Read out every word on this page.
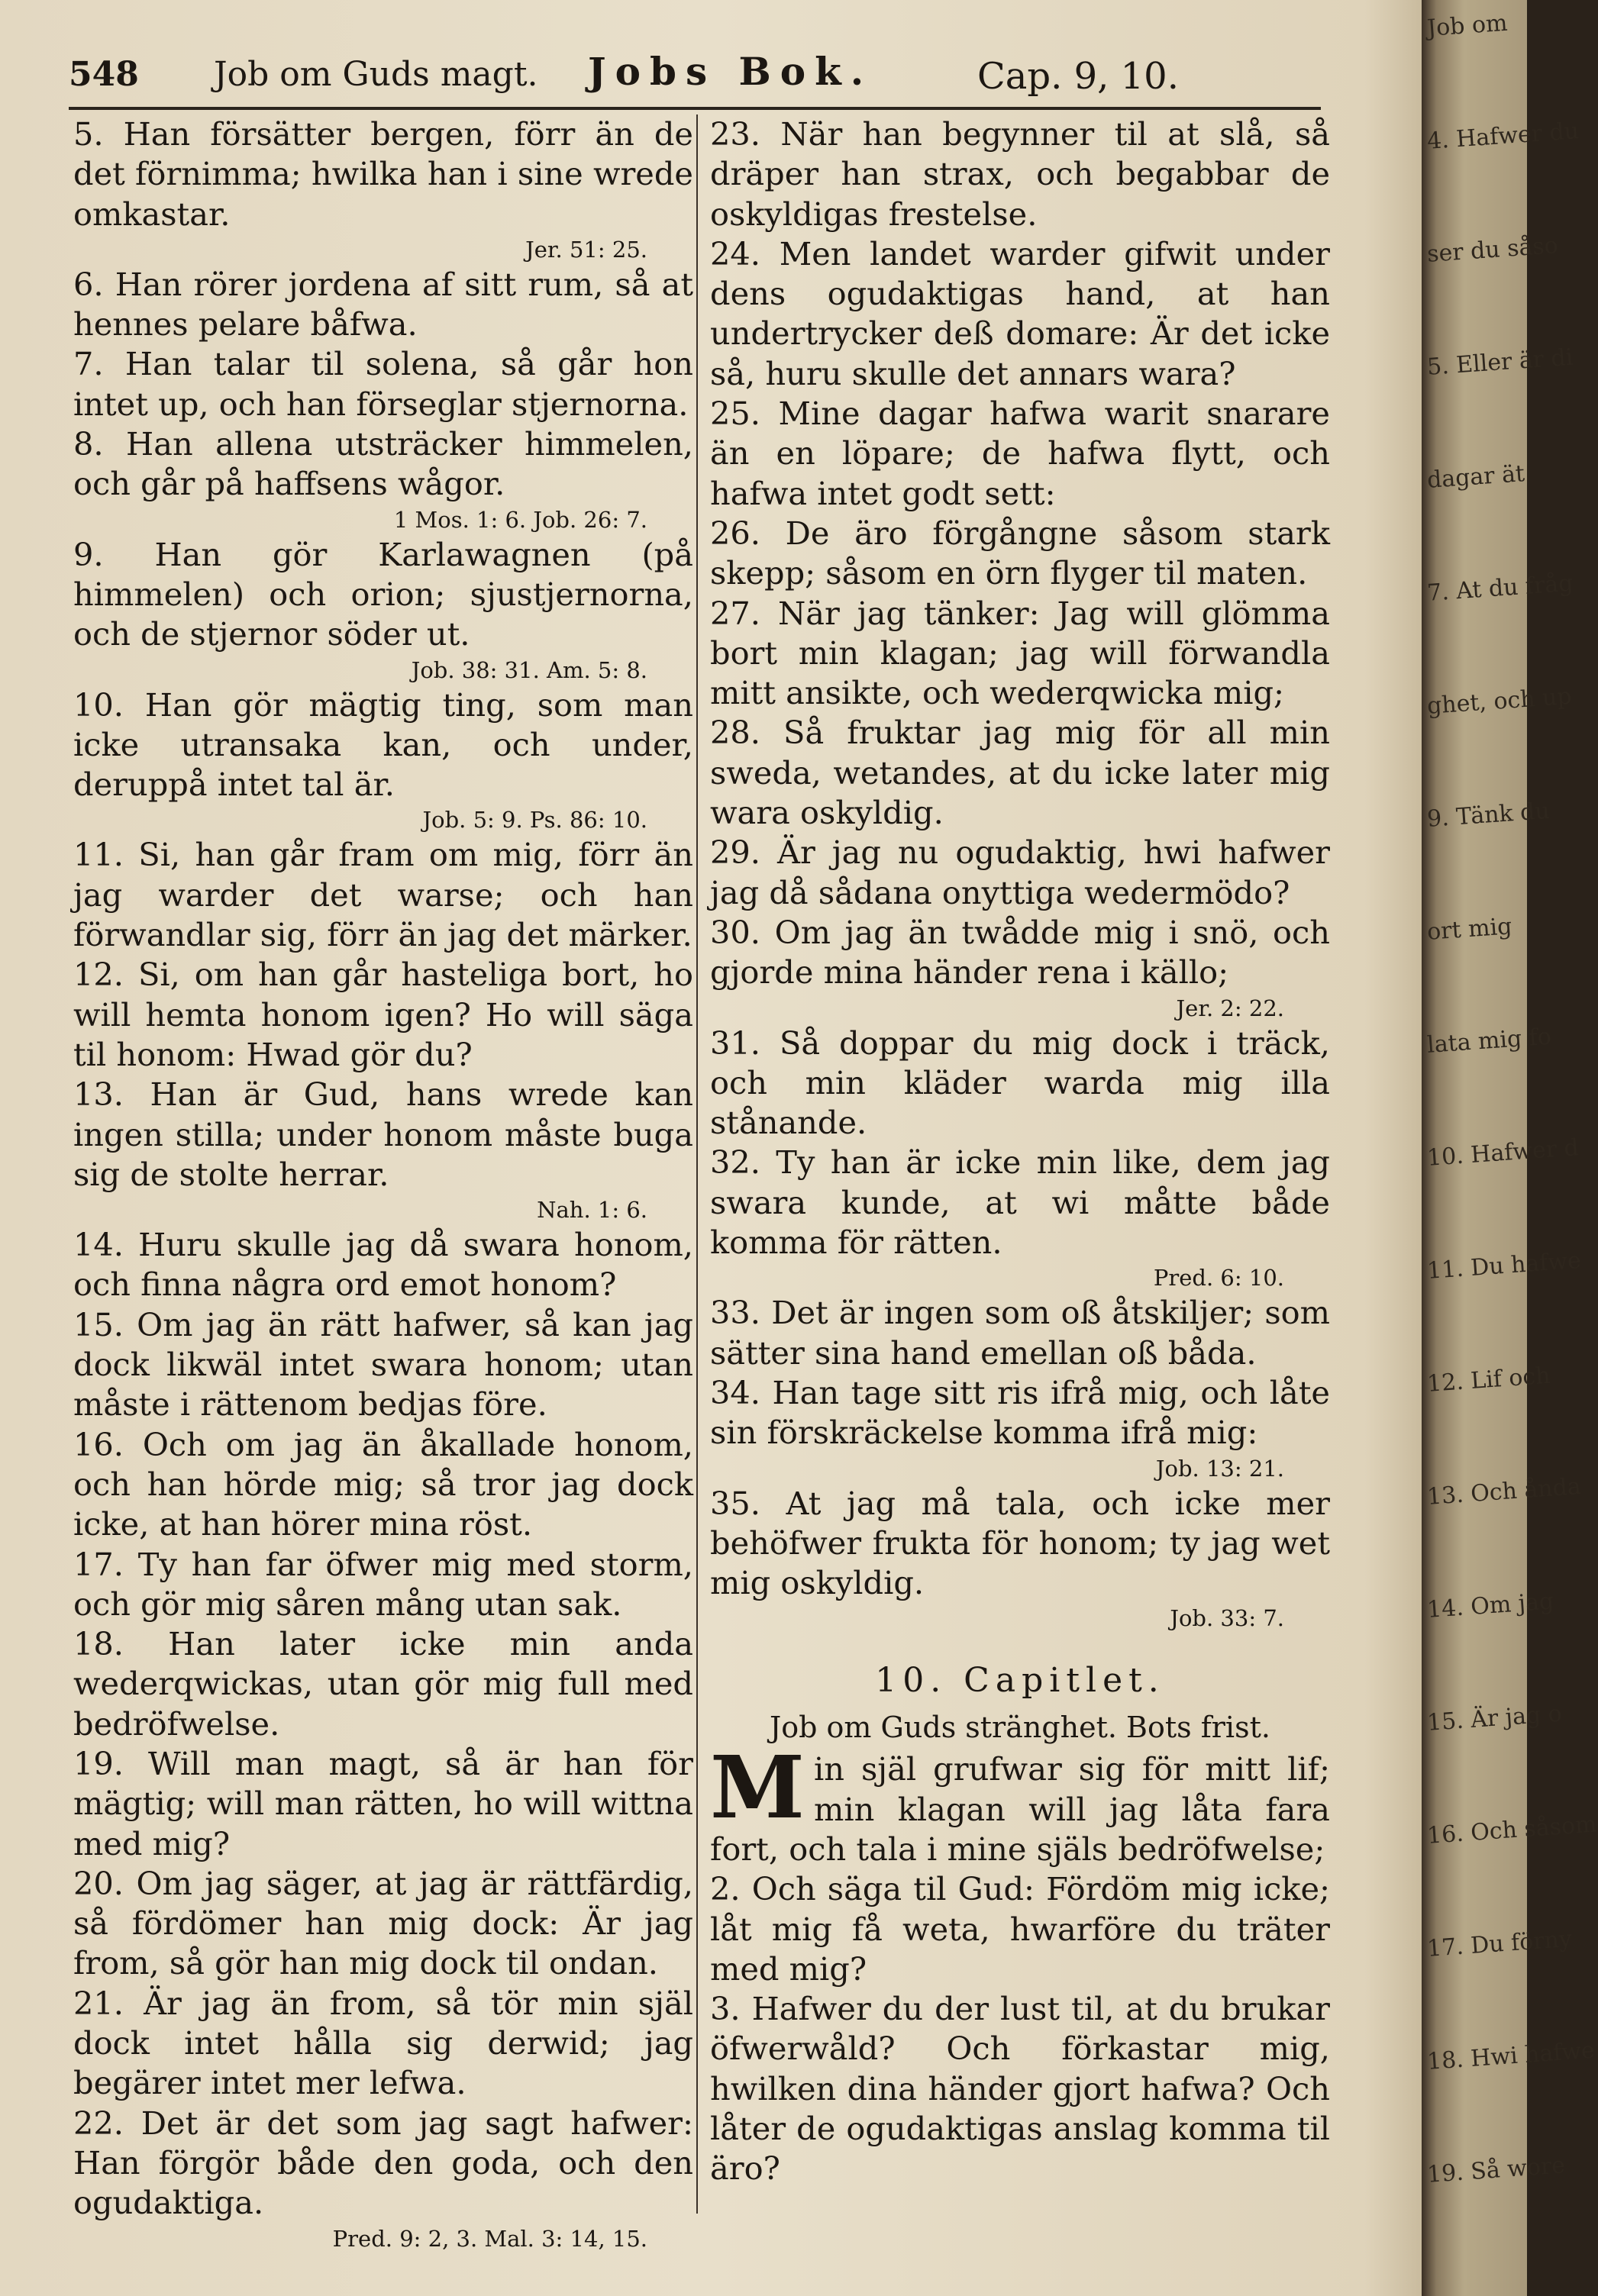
548 Job om Guds magt. Jobs Bok.	Cap. 9, 10.

5. Han försätter bergen, förr än de det förnimma; hwilka han i sine wrede omkastar.

Jer. 51: 25.

6. Han rörer jordena af sitt rum, så at hennes pelare båfwa.

7. Han talar til solena, så går hon intet up, och han förseglar stjernorna.

8. Han allena utsträcker himmelen, och går på haffsens wågor.

1 Mos. 1: 6. Job. 26: 7.

9. Han gör Karlawagnen (på himmelen) och orion; sjustjernorna, och de stjernor söder ut.

Job. 38: 31. Am. 5: 8.

10. Han gör mägtig ting, som man icke utransaka kan, och under, deruppå intet tal är.

Job. 5: 9. Ps. 86: 10.

11. Si, han går fram om mig, förr än jag warder det warse; och han förwandlar sig, förr än jag det märker.

12. Si, om han går hasteliga bort, ho will hemta honom igen? Ho will säga til honom: Hwad gör du?

13. Han är Gud, hans wrede kan ingen stilla; under honom måste buga sig de stolte herrar.

Nah. 1: 6.

14. Huru skulle jag då swara honom, och finna några ord emot honom?

15. Om jag än rätt hafwer, så kan jag dock likwäl intet swara honom; utan måste i rättenom bedjas före.

16. Och om jag än åkallade honom, och han hörde mig; så tror jag dock icke, at han hörer mina röst.

17. Ty han far öfwer mig med storm, och gör mig såren mång utan sak.

18. Han later icke min anda wederqwickas, utan gör mig full med bedröfwelse.

19. Will man magt, så är han för mägtig; will man rätten, ho will wittna med mig?

20. Om jag säger, at jag är rättfärdig, så fördömer han mig dock: Är jag from, så gör han mig dock til ondan.

21. Är jag än from, så tör min själ dock intet hålla sig derwid; jag begärer intet mer lefwa.

22. Det är det som jag sagt hafwer: Han förgör både den goda, och den ogudaktiga.

Pred. 9: 2, 3. Mal. 3: 14, 15.

23. När han begynner til at slå, så dräper han strax, och begabbar de oskyldigas frestelse.

24. Men landet warder gifwit under dens ogudaktigas hand, at han undertrycker deß domare: Är det icke så, huru skulle det annars wara?

25. Mine dagar hafwa warit snarare än en löpare; de hafwa flytt, och hafwa intet godt sett:

26. De äro förgångne såsom stark skepp; såsom en örn flyger til maten.

27. När jag tänker: Jag will glömma bort min klagan; jag will förwandla mitt ansikte, och wederqwicka mig;

28. Så fruktar jag mig för all min sweda, wetandes, at du icke later mig wara oskyldig.

29. Är jag nu ogudaktig, hwi hafwer jag då sådana onyttiga wedermödo?

30. Om jag än twådde mig i snö, och gjorde mina händer rena i källo;

Jer. 2: 22.

31. Så doppar du mig dock i träck, och min kläder warda mig illa stånande.

32. Ty han är icke min like, dem jag swara kunde, at wi måtte både komma för rätten.

Pred. 6: 10.

33. Det är ingen som oß åtskiljer; som sätter sina hand emellan oß båda.

34. Han tage sitt ris ifrå mig, och låte sin förskräckelse komma ifrå mig:

Job. 13: 21.

35. At jag må tala, och icke mer behöfwer frukta för honom; ty jag wet mig oskyldig.

Job. 33: 7.
10. Capitlet.
Job om Guds stränghet. Bots frist.

M in själ grufwar sig för mitt lif; min klagan will jag låta fara fort, och tala i mine själs bedröfwelse;

2. Och säga til Gud: Fördöm mig icke; låt mig få weta, hwarföre du träter med mig?

3. Hafwer du der lust til, at du brukar öfwerwåld? Och förkastar mig, hwilken dina händer gjort hafwa? Och låter de ogudaktigas anslag komma til äro?

Job om
4. Hafwer du
ser du såso
5. Eller är di
dagar ät
7. At du fråg
ghet, och up
9. Tänk du
ort mig
lata mig fo
10. Hafwer d
11. Du hafwe
12. Lif och
13. Och ånda
14. Om jag
15. Är jag o
16. Och såsom
17. Du förny
18. Hwi hafwe
19. Så wore
